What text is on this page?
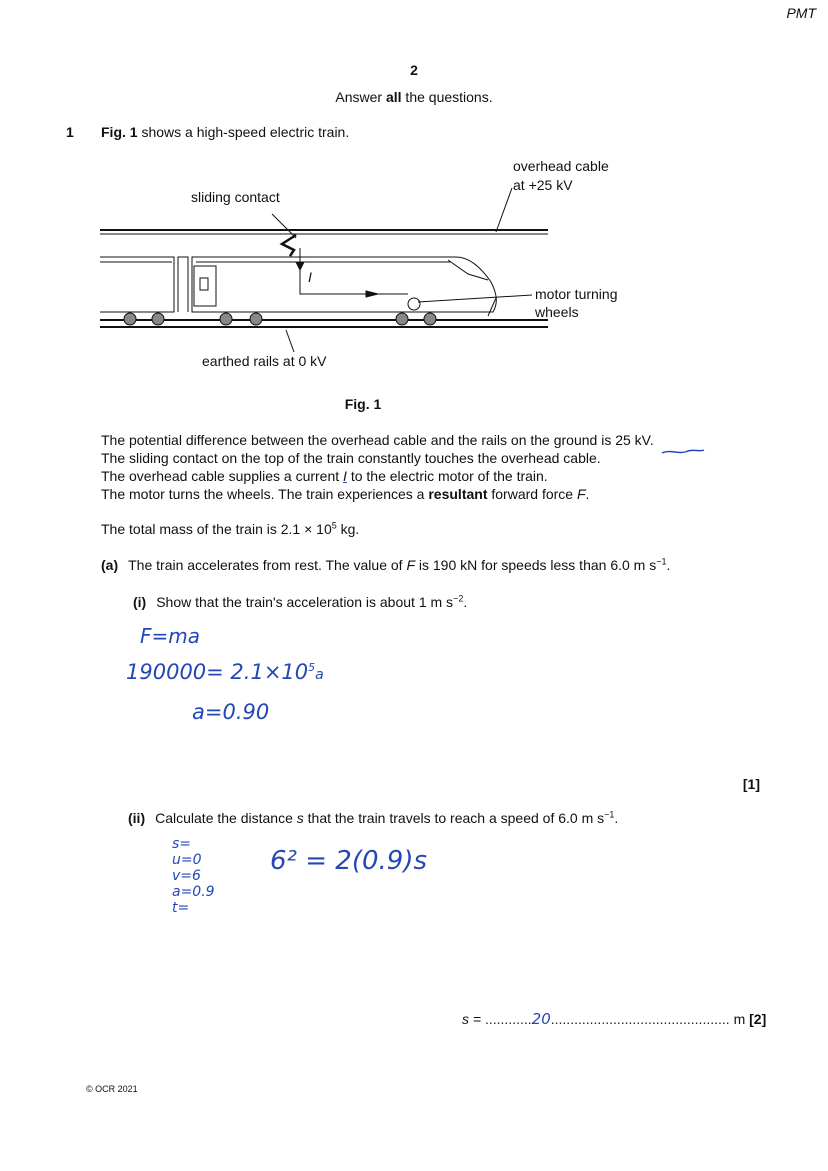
PMT
2
Answer all the questions.
1 Fig. 1 shows a high-speed electric train.
sliding contact
overhead cable
at +25 kV
I
motor turning
wheels
earthed rails at 0 kV
Fig. 1
The potential difference between the overhead cable and the rails on the ground is 25 kV.
The sliding contact on the top of the train constantly touches the overhead cable.
The overhead cable supplies a current I to the electric motor of the train.
The motor turns the wheels. The train experiences a resultant forward force F.
The total mass of the train is $2.1 \times 10^5$ kg.
(a) The train accelerates from rest. The value of F is 190 kN for speeds less than 6.0 m $s^{-1}$.
(i) Show that the train's acceleration is about 1 m $s^{-2}$.
F=ma
$190000= 2.1\times 10^5a$
a=0.90
[1]
(ii) Calculate the distance s that the train travels to reach a speed of 6.0 m $s^{-1}$.
s=
u=0
v=6
a=0.9
t=
6² = 2(0.9)s
s = ............20.............................................. m [2]
© OCR 2021
